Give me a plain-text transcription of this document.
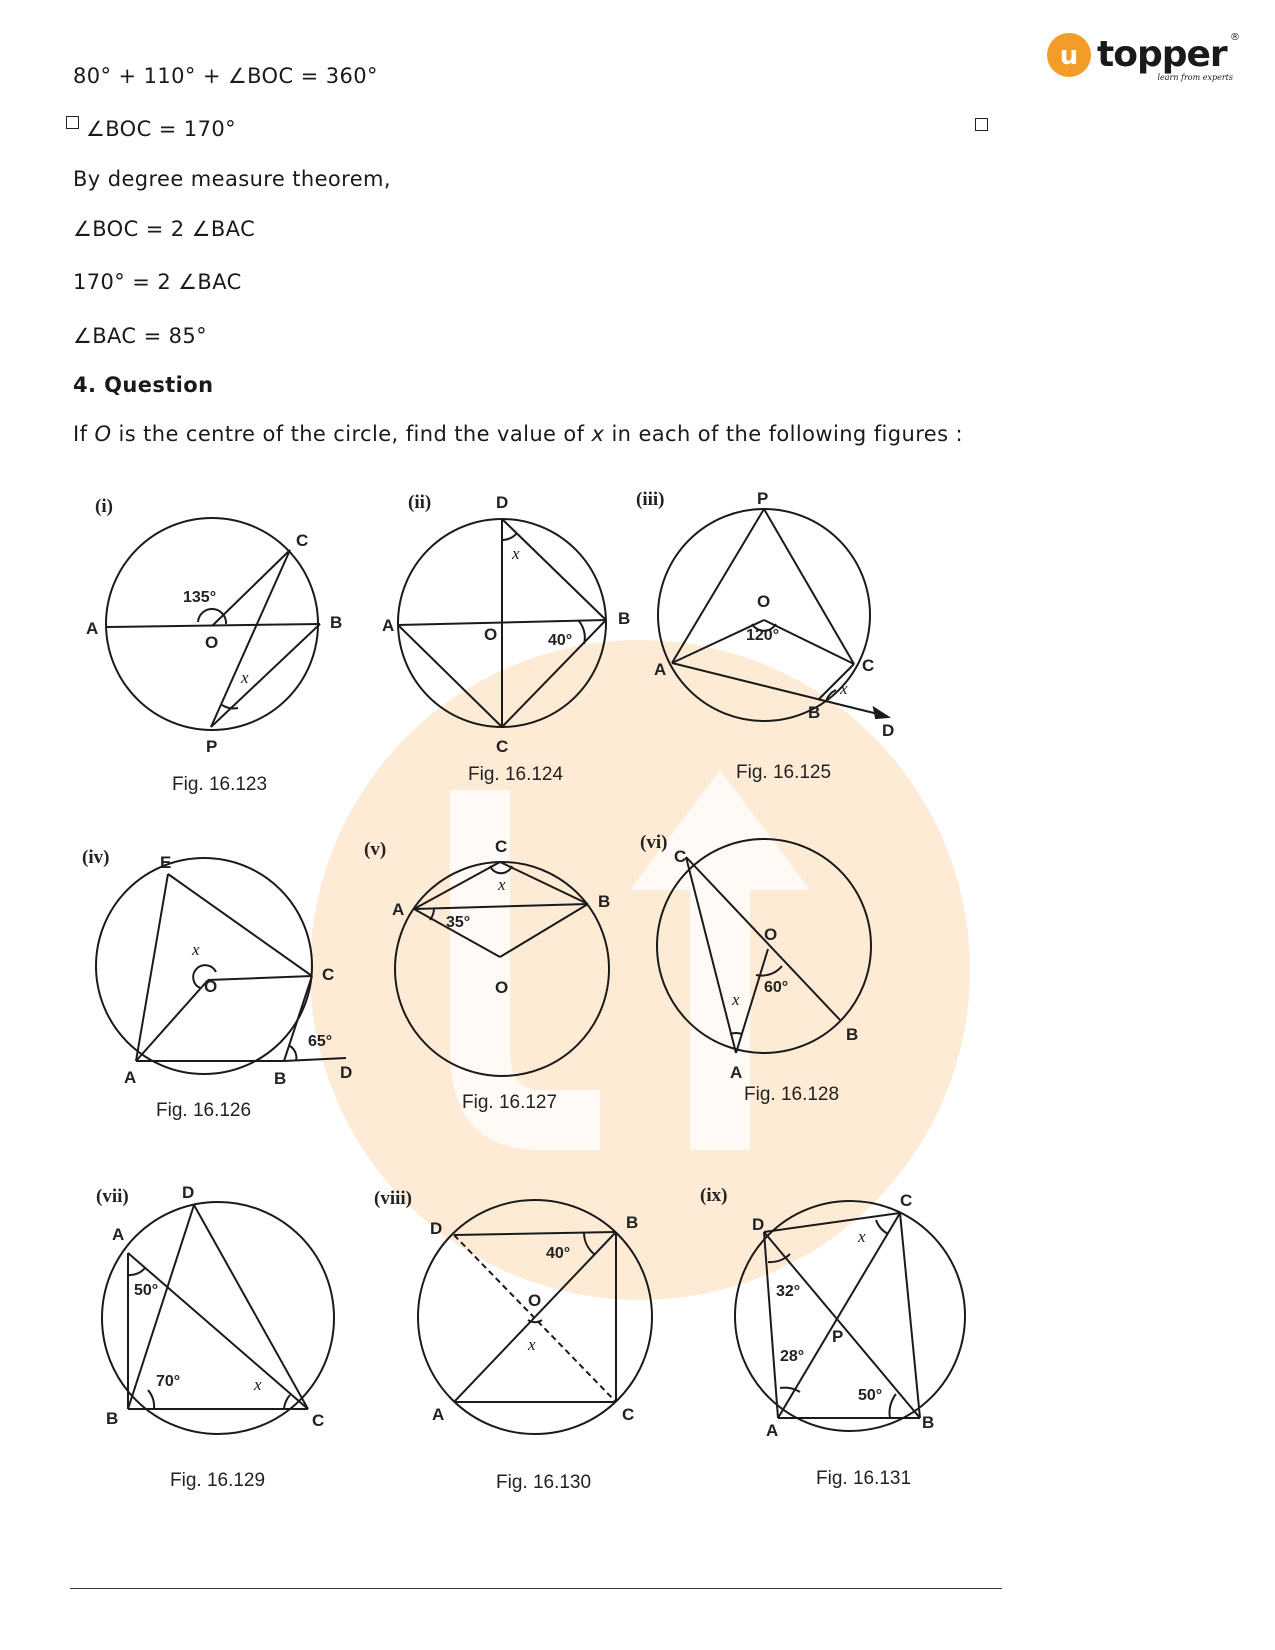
u topper ®
learn from experts
80° + 110° + ∠BOC = 360°
∠BOC = 170°
By degree measure theorem,
∠BOC = 2 ∠BAC
170° = 2 ∠BAC
∠BAC = 85°
4. Question
If O is the centre of the circle, find the value of x in each of the following figures :
(i)
A	B
C
O
P
135°
x
Fig. 16.123
(ii)
A	B
C
D
O	40°
x
Fig. 16.124
(iii)
A
B
C
D
O
P
120°
x
Fig. 16.125
(iv)
A	B
C
D
E
O
65°
x
Fig. 16.126
(v)
A	B
C
O
35°
x
Fig. 16.127
(vi)
A
B
C
O
60°
x
Fig. 16.128
(vii)
A
B	C
D
50°
70°	x
Fig. 16.129
(viii)
A
B
C
D
O
40°
x
Fig. 16.130
(ix)
A	B
C
D
P
32°
28°
50°
x
Fig. 16.131
